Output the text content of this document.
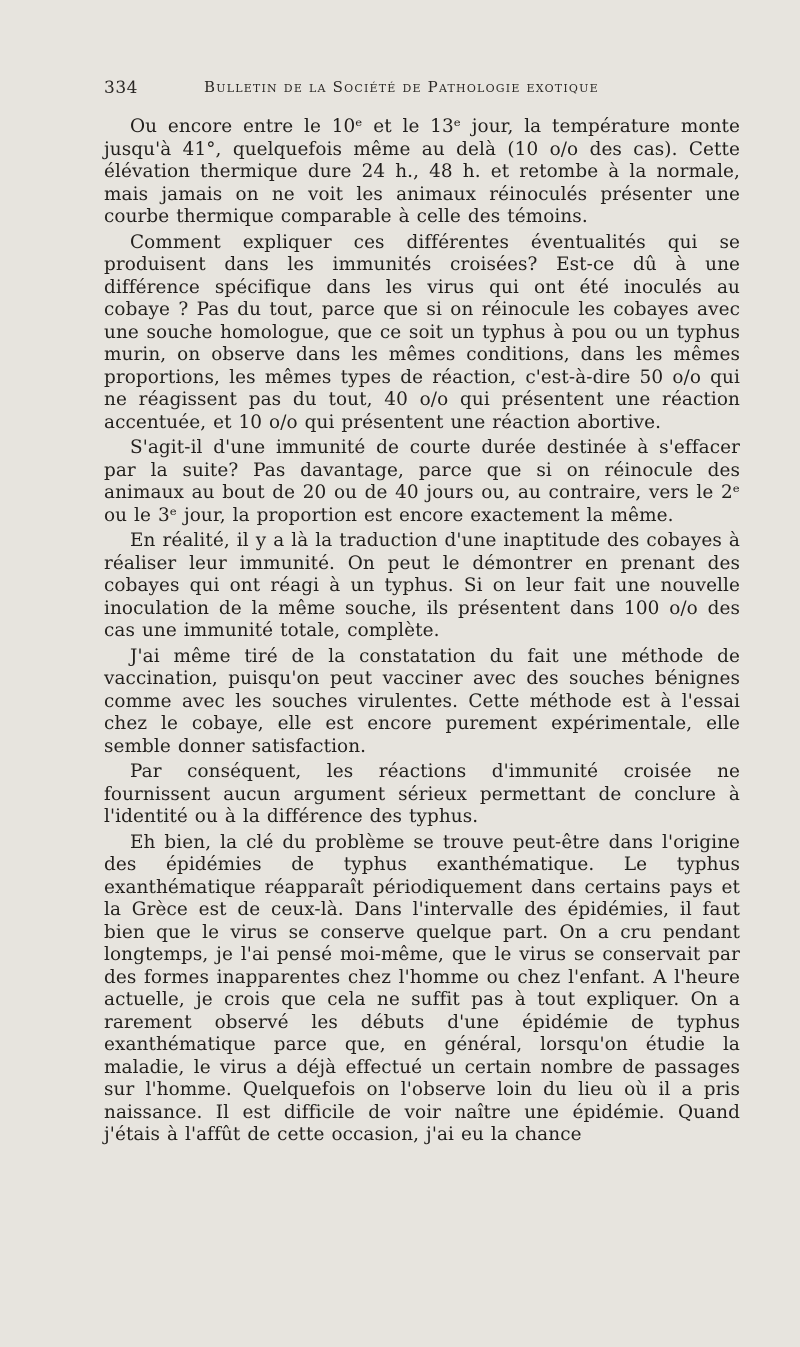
334	Bulletin de la Société de Pathologie exotique

Ou encore entre le 10ᵉ et le 13ᵉ jour, la température monte jusqu'à 41°, quelquefois même au delà (10 o/o des cas). Cette élévation thermique dure 24 h., 48 h. et retombe à la normale, mais jamais on ne voit les animaux réinoculés présenter une courbe thermique comparable à celle des témoins.

Comment expliquer ces différentes éventualités qui se produisent dans les immunités croisées? Est-ce dû à une différence spécifique dans les virus qui ont été inoculés au cobaye ? Pas du tout, parce que si on réinocule les cobayes avec une souche homologue, que ce soit un typhus à pou ou un typhus murin, on observe dans les mêmes conditions, dans les mêmes proportions, les mêmes types de réaction, c'est-à-dire 50 o/o qui ne réagissent pas du tout, 40 o/o qui présentent une réaction accentuée, et 10 o/o qui présentent une réaction abortive.

S'agit-il d'une immunité de courte durée destinée à s'effacer par la suite? Pas davantage, parce que si on réinocule des animaux au bout de 20 ou de 40 jours ou, au contraire, vers le 2ᵉ ou le 3ᵉ jour, la proportion est encore exactement la même.

En réalité, il y a là la traduction d'une inaptitude des cobayes à réaliser leur immunité. On peut le démontrer en prenant des cobayes qui ont réagi à un typhus. Si on leur fait une nouvelle inoculation de la même souche, ils présentent dans 100 o/o des cas une immunité totale, complète.

J'ai même tiré de la constatation du fait une méthode de vaccination, puisqu'on peut vacciner avec des souches bénignes comme avec les souches virulentes. Cette méthode est à l'essai chez le cobaye, elle est encore purement expérimentale, elle semble donner satisfaction.

Par conséquent, les réactions d'immunité croisée ne fournissent aucun argument sérieux permettant de conclure à l'identité ou à la différence des typhus.

Eh bien, la clé du problème se trouve peut-être dans l'origine des épidémies de typhus exanthématique. Le typhus exanthématique réapparaît périodiquement dans certains pays et la Grèce est de ceux-là. Dans l'intervalle des épidémies, il faut bien que le virus se conserve quelque part. On a cru pendant longtemps, je l'ai pensé moi-même, que le virus se conservait par des formes inapparentes chez l'homme ou chez l'enfant. A l'heure actuelle, je crois que cela ne suffit pas à tout expliquer. On a rarement observé les débuts d'une épidémie de typhus exanthématique parce que, en général, lorsqu'on étudie la maladie, le virus a déjà effectué un certain nombre de passages sur l'homme. Quelquefois on l'observe loin du lieu où il a pris naissance. Il est difficile de voir naître une épidémie. Quand j'étais à l'affût de cette occasion, j'ai eu la chance
